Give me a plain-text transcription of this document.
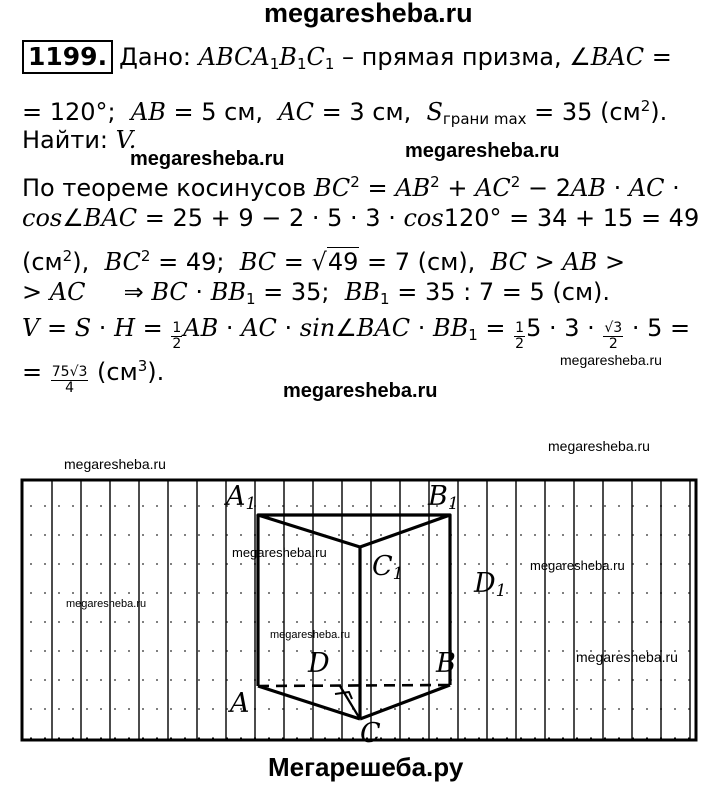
megaresheba.ru
1199. Дано: $ABCA_1B_1C_1$ – прямая призма, ∠BAC =
= 120°;  AB = 5 см,  AC = 3 см,  $S_{грани max} = 35$ $(см^2)$.
Найти: V.
megaresheba.ru	megaresheba.ru
По теореме косинусов $BC^2 = AB^2 + AC^2 - 2AB$ · AC ·
cos∠BAC = 25 + 9 − 2 · 5 · 3 · cos120° = 34 + 15 = 49
$(см^2)$,  $BC^2 = 49$;  BC = √49 = 7 (см),  BC > AB >
> AC     ⇒ BC · $BB_1 = 35$;  $BB_1 = 35$ : 7 = 5 (см).
$V = S \cdot H = \frac{1}{2}$ AB · AC · sin∠BAC · $BB_1 = \frac{1}{2} 5 \cdot 3 \cdot \frac{√3}{2} \cdot 5$ =
megaresheba.ru
= $\frac{75√3}{4} (см^3)$.
megaresheba.ru
megaresheba.ru
megaresheba.ru
megaresheba.ru
megaresheba.ru
megaresheba.ru
megaresheba.ru
megaresheba.ru
$A_1$	$B_1$
$C_1$	$D_1$
D	B
A
C
Мегарешеба.ру
